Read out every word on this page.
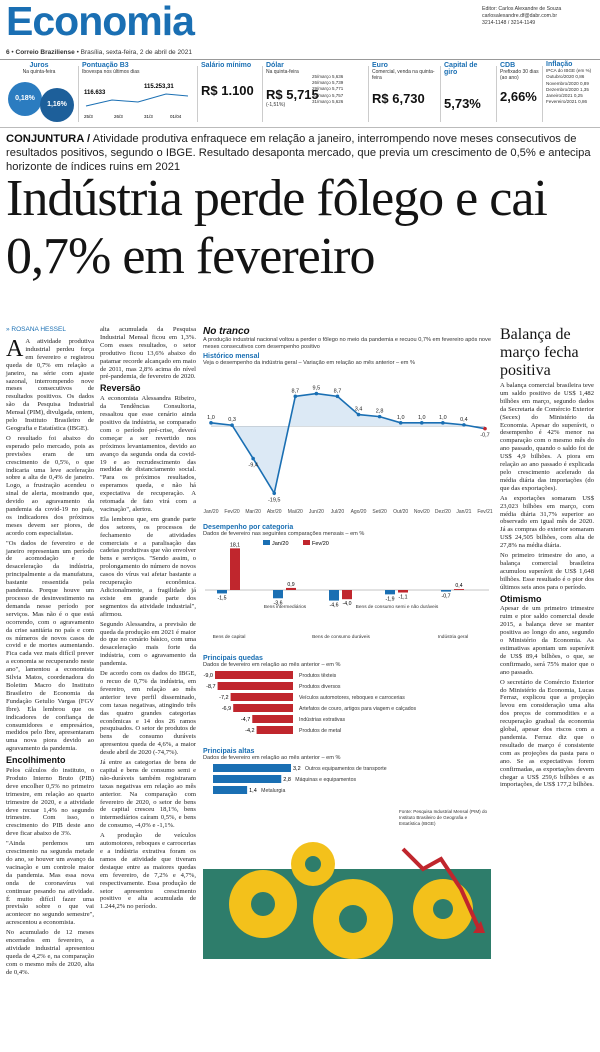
Economia	Editor: Carlos Alexandre de Souza
carlosalexandre.df@dabr.com.br
3214-1148 / 3214-1149
6 • Correio Braziliense • Brasília, sexta-feira, 2 de abril de 2021
Juros
Na quinta-feira
0,18%
1,16%
Pontuação B3
Ibovespa nos últimos dias
116.633
115.253,31
25/3	26/3	31/3	01/04
Salário mínimo
R$ 1.100
Dólar
Na quinta-feira
R$ 5,715
(-1,51%)
25/março 5,636
26/março 5,739
29/março 5,771
30/março 5,757
31/março 5,626
Euro
Comercial, venda na quinta-feira
R$ 6,730
Capital de giro
5,73%
CDB
Prefixado 30 dias (ao ano)
2,66%
Inflação
IPCA do IBGE (em %)
Outubro/2020 0,86
Novembro/2020 0,89
Dezembro/2020 1,35
Janeiro/2021 0,25
Fevereiro/2021 0,86
CONJUNTURA / Atividade produtiva enfraquece em relação a janeiro, interrompendo nove meses consecutivos de resultados positivos, segundo o IBGE. Resultado desaponta mercado, que previa um crescimento de 0,5% e antecipa horizonte de índices ruins em 2021
Indústria perde fôlego e cai 0,7% em fevereiro
» ROSANA HESSEL

A A atividade produtiva industrial perdeu força em fevereiro e registrou queda de 0,7% em relação a janeiro, na série com ajuste sazonal, interrompendo nove meses consecutivos de resultados positivos. Os dados são da Pesquisa Industrial Mensal (PIM), divulgada, ontem, pelo Instituto Brasileiro de Geografia e Estatística (IBGE).

O resultado foi abaixo do esperado pelo mercado, pois as previsões eram de um crescimento de 0,5%, o que indicaria uma leve aceleração sobre a alta de 0,4% de janeiro. Logo, a frustração acendeu o sinal de alerta, mostrando que, devido ao agravamento da pandemia da covid-19 no país, os indicadores dos próximos meses devem ser piores, de acordo com especialistas.

"Os dados de fevereiro e de janeiro representam um período de acomodação e de desaceleração da indústria, principalmente a da manufatura, bastante ressentida pela pandemia. Porque houve um processo de desinvestimento na demanda nesse período por serviços. Mas não é o que está ocorrendo, com o agravamento da crise sanitária no país e com os números de novos casos de covid e de mortes aumentando. Fica cada vez mais difícil prever a economia se recuperando neste ano", lamentou a economista Silvia Matos, coordenadora do Boletim Macro do Instituto Brasileiro de Economia da Fundação Getulio Vargas (FGV Ibre). Ela lembrou que os indicadores de confiança de consumidores e empresários, medidos pelo Ibre, apresentaram uma nova piora devido ao agravamento da pandemia.

Encolhimento

Pelos cálculos do instituto, o Produto Interno Bruto (PIB) deve encolher 0,5% no primeiro trimestre, em relação ao quarto trimestre de 2020, e a atividade deve recuar 1,4% no segundo trimestre. Com isso, o crescimento do PIB deste ano deve ficar abaixo de 3%.

"Ainda perdemos um crescimento na segunda metade do ano, se houver um avanço da vacinação e um controle maior da pandemia. Mas essa nova onda de coronavírus vai continuar pesando na atividade. É muito difícil fazer uma previsão sobre o que vai acontecer no segundo semestre", acrescentou a economista.

No acumulado de 12 meses encerrados em fevereiro, a atividade industrial apresentou queda de 4,2% e, na comparação com o mesmo mês de 2020, alta de 0,4%.

alta acumulada da Pesquisa Industrial Mensal ficou em 1,3%. Com esses resultados, o setor produtivo ficou 13,6% abaixo do patamar recorde alcançado em maio de 2011, mas 2,8% acima do nível pré-pandemia, de fevereiro de 2020.

Reversão

A economista Alessandra Ribeiro, da Tendências Consultoria, ressaltou que esse cenário ainda positivo da indústria, se comparado com o período pré-crise, deverá começar a ser revertido nos próximos levantamentos, devido ao avanço da segunda onda da covid-19 e ao recrudescimento das medidas de distanciamento social. "Para os próximos resultados, esperamos queda, e não há expectativa de recuperação. A retomada de fato virá com a vacinação", alertou.

Ela lembrou que, em grande parte dos setores, os processos de fechamento de atividades comerciais e a paralisação das cadeias produtivas que vão envolver bens e serviços. "Sendo assim, o prolongamento do número de novos casos do vírus vai afetar bastante a recuperação econômica. Adicionalmente, a fragilidade já existe em grande parte dos segmentos da atividade industrial", afirmou.

Segundo Alessandra, a previsão de queda da produção em 2021 é maior do que no cenário básico, com uma desaceleração mais forte da indústria, com o agravamento da pandemia.

De acordo com os dados do IBGE, o recuo de 0,7% da indústria, em fevereiro, em relação ao mês anterior teve perfil disseminado, com taxas negativas, atingindo três das quatro grandes categorias econômicas e 14 dos 26 ramos pesquisados. O setor de produtos de bens de consumo duráveis apresentou queda de 4,6%, a maior desde abril de 2020 (-74,7%).

Já entre as categorias de bens de capital e bens de consumo semi e não-duráveis também registraram taxas negativas em relação ao mês anterior. Na comparação com fevereiro de 2020, o setor de bens de capital cresceu 18,1%, bens intermediários caíram 0,5%, e bens de consumo, -4,0% e -1,1%.

A produção de veículos automotores, reboques e carrocerias e a indústria extrativa foram os ramos de atividade que tiveram destaque entre as maiores quedas em fevereiro, de 7,2% e 4,7%, respectivamente. Essa produção de setor apresentou crescimento positivo e alta acumulada de 1.244,2% no período.

No tranco
A produção industrial nacional voltou a perder o fôlego no meio da pandemia e recuou 0,7% em fevereiro após nove meses consecutivos com desempenho positivo
Histórico mensal
Veja o desempenho da indústria geral – Variação em relação ao mês anterior – em %
1,0
Jan/20
0,3
Fev/20
-9,4
Mar/20
-19,5
Abr/20
8,7
Mai/20
9,5
Jun/20
8,7
Jul/20
3,4
Ago/20
2,8
Set/20
1,0
Out/20
1,0
Nov/20
1,0
Dez/20
0,4
Jan/21
-0,7
Fev/21
Desempenho por categoria
Dados de fevereiro nas seguintes comparações mensais – em %
Jan/20	Fev/20
-1,5
18,1
Bens de capital
-3,6
0,9
Bens intermediários	-4,6 -4,0
Bens de consumo duráveis
-1,9 -1,1
Bens de consumo semi e não duráveis
-0,7
0,4
Indústria geral
Principais quedas
Dados de fevereiro em relação ao mês anterior – em %
-9,0	Produtos têxteis
-8,7	Produtos diversos
-7,2	Veículos automotores, reboques e carrocerias
-6,9	Artefatos de couro, artigos para viagem e calçados
-4,7	Indústrias extrativas
-4,2	Produtos de metal
Principais altas
Dados de fevereiro em relação ao mês anterior – em %
3,2 Outros equipamentos de transporte
2,8 Máquinas e equipamentos
1,4 Metalurgia

Fonte: Pesquisa Industrial Mensal (PIM) do Instituto Brasileiro de Geografia e Estatística (IBGE)
Balança de março fecha positiva

A balança comercial brasileira teve um saldo positivo de US$ 1,482 bilhões em março, segundo dados da Secretaria de Comércio Exterior (Secex) do Ministério da Economia. Apesar do superávit, o desempenho é 42% menor na comparação com o mesmo mês do ano passado, quando o saldo foi de US$ 4,9 bilhões. A piora em relação ao ano passado é explicada pelo crescimento acelerado da média diária das importações (do que das exportações).

As exportações somaram US$ 23,023 bilhões em março, com média diária 31,7% superior ao observado em igual mês de 2020. Já as compras do exterior somaram US$ 24,505 bilhões, com alta de 27,8% na média diária.

No primeiro trimestre do ano, a balança comercial brasileira acumulou superávit de US$ 1,648 bilhões. Esse resultado é o pior dos últimos seis anos para o período.

Otimismo

Apesar de um primeiro trimestre ruim e pior saldo comercial desde 2015, a balança deve se manter positiva ao longo do ano, segundo o Ministério da Economia. As estimativas apontam um superávit de US$ 89,4 bilhões, o que, se confirmado, será 75% maior que o ano passado.

O secretário de Comércio Exterior do Ministério da Economia, Lucas Ferraz, explicou que a projeção levou em consideração uma alta dos preços de commodities e a recuperação gradual da economia global, apesar dos riscos com a pandemia. Ferraz diz que o resultado de março é consistente com as projeções da pasta para o ano. Se as expectativas forem confirmadas, as exportações devem chegar a US$ 259,6 bilhões e as importações, de US$ 177,2 bilhões.
